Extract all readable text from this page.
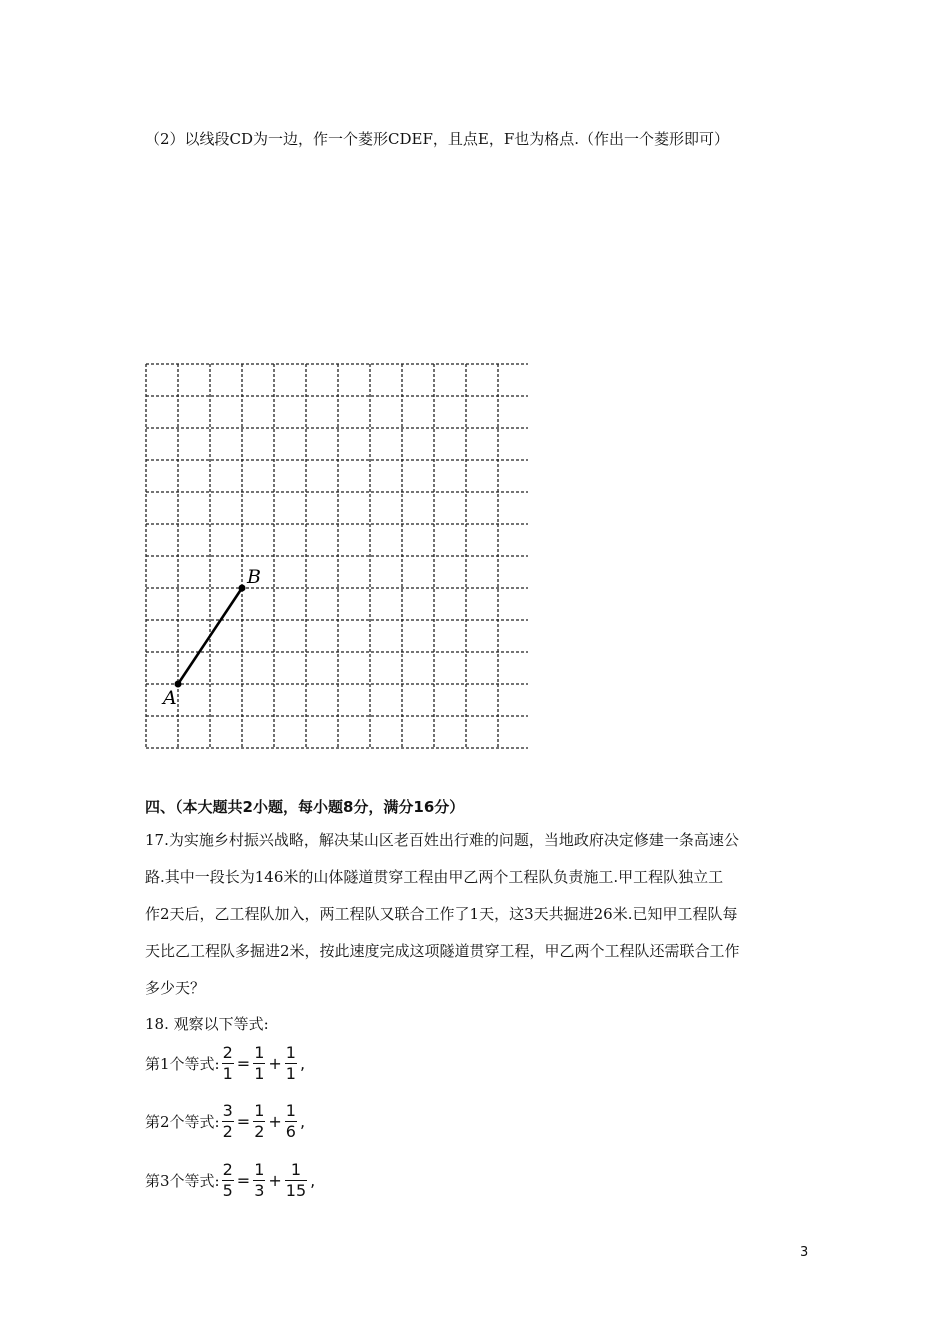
（2）以线段CD为一边，作一个菱形CDEF，且点E，F也为格点.（作出一个菱形即可）
A
B
四、（本大题共2小题，每小题8分，满分16分）
17.为实施乡村振兴战略，解决某山区老百姓出行难的问题，当地政府决定修建一条高速公
路.其中一段长为146米的山体隧道贯穿工程由甲乙两个工程队负责施工.甲工程队独立工
作2天后，乙工程队加入，两工程队又联合工作了1天，这3天共掘进26米.已知甲工程队每
天比乙工程队多掘进2米，按此速度完成这项隧道贯穿工程，甲乙两个工程队还需联合工作
多少天？
18. 观察以下等式:
第1个等式: $\frac{2}{1} = \frac{1}{1} + \frac{1}{1}$ ,
第2个等式: $\frac{3}{2} = \frac{1}{2} + \frac{1}{6}$ ,
第3个等式: $\frac{2}{5} = \frac{1}{3} + \frac{1}{15}$ ,
3
